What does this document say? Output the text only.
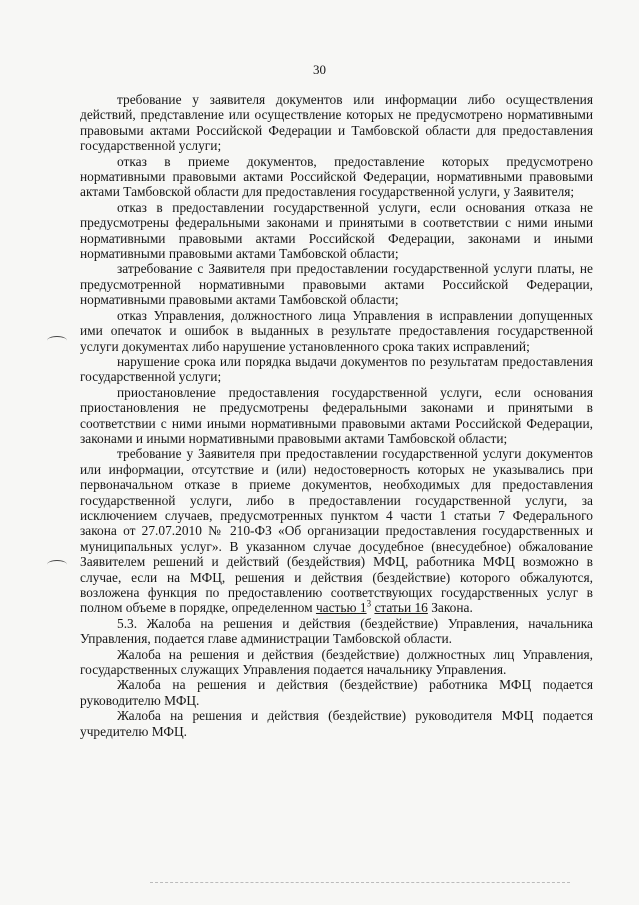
30

требование у заявителя документов или информации либо осуществления действий, представление или осуществление которых не предусмотрено нормативными правовыми актами Российской Федерации и Тамбовской области для предоставления государственной услуги;

отказ в приеме документов, предоставление которых предусмотрено нормативными правовыми актами Российской Федерации, нормативными правовыми актами Тамбовской области для предоставления государственной услуги, у Заявителя;

отказ в предоставлении государственной услуги, если основания отказа не предусмотрены федеральными законами и принятыми в соответствии с ними иными нормативными правовыми актами Российской Федерации, законами и иными нормативными правовыми актами Тамбовской области;

затребование с Заявителя при предоставлении государственной услуги платы, не предусмотренной нормативными правовыми актами Российской Федерации, нормативными правовыми актами Тамбовской области;

отказ Управления, должностного лица Управления в исправлении допущенных ими опечаток и ошибок в выданных в результате предоставления государственной услуги документах либо нарушение установленного срока таких исправлений;

нарушение срока или порядка выдачи документов по результатам предоставления государственной услуги;

приостановление предоставления государственной услуги, если основания приостановления не предусмотрены федеральными законами и принятыми в соответствии с ними иными нормативными правовыми актами Российской Федерации, законами и иными нормативными правовыми актами Тамбовской области;

требование у Заявителя при предоставлении государственной услуги документов или информации, отсутствие и (или) недостоверность которых не указывались при первоначальном отказе в приеме документов, необходимых для предоставления государственной услуги, либо в предоставлении государственной услуги, за исключением случаев, предусмотренных пунктом 4 части 1 статьи 7 Федерального закона от 27.07.2010 № 210-ФЗ «Об организации предоставления государственных и муниципальных услуг». В указанном случае досудебное (внесудебное) обжалование Заявителем решений и действий (бездействия) МФЦ, работника МФЦ возможно в случае, если на МФЦ, решения и действия (бездействие) которого обжалуются, возложена функция по предоставлению соответствующих государственных услуг в полном объеме в порядке, определенном частью $1^3$ статьи 16 Закона.

5.3. Жалоба на решения и действия (бездействие) Управления, начальника Управления, подается главе администрации Тамбовской области.

Жалоба на решения и действия (бездействие) должностных лиц Управления, государственных служащих Управления подается начальнику Управления.

Жалоба на решения и действия (бездействие) работника МФЦ подается руководителю МФЦ.

Жалоба на решения и действия (бездействие) руководителя МФЦ подается учредителю МФЦ.
